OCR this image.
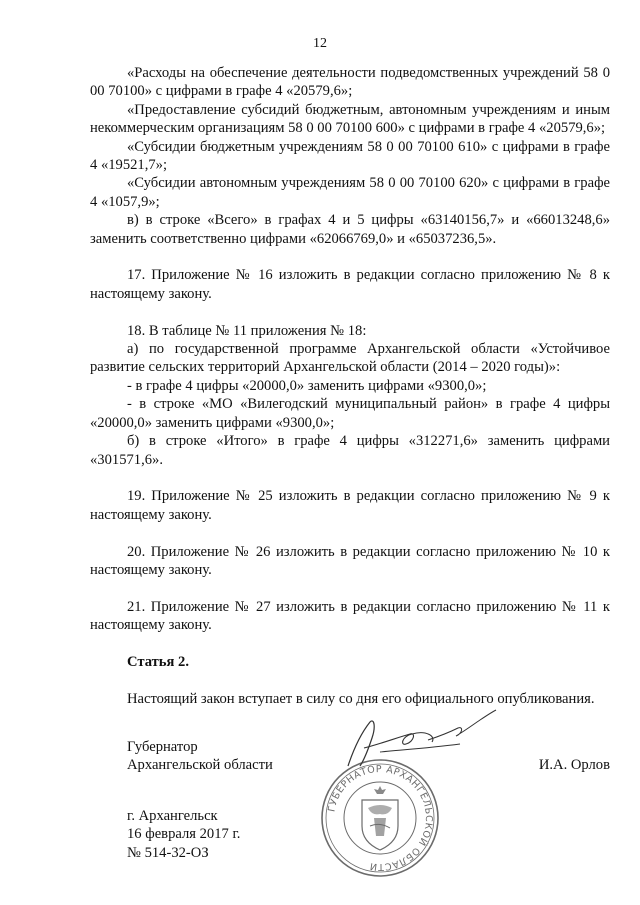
12

«Расходы на обеспечение деятельности подведомственных учреждений 58 0 00 70100» с цифрами в графе 4 «20579,6»;

«Предоставление субсидий бюджетным, автономным учреждениям и иным некоммерческим организациям 58 0 00 70100 600» с цифрами в графе 4 «20579,6»;

«Субсидии бюджетным учреждениям 58 0 00 70100 610» с цифрами в графе 4 «19521,7»;

«Субсидии автономным учреждениям 58 0 00 70100 620» с цифрами в графе 4 «1057,9»;

в) в строке «Всего» в графах 4 и 5 цифры «63140156,7» и «66013248,6» заменить соответственно цифрами «62066769,0» и «65037236,5».

17. Приложение № 16 изложить в редакции согласно приложению № 8 к настоящему закону.

18. В таблице № 11 приложения № 18:

а) по государственной программе Архангельской области «Устойчивое развитие сельских территорий Архангельской области (2014 – 2020 годы)»:

- в графе 4 цифры «20000,0» заменить цифрами «9300,0»;

- в строке «МО «Вилегодский муниципальный район» в графе 4 цифры «20000,0» заменить цифрами «9300,0»;

б) в строке «Итого» в графе 4 цифры «312271,6» заменить цифрами «301571,6».

19. Приложение № 25 изложить в редакции согласно приложению № 9 к настоящему закону.

20. Приложение № 26 изложить в редакции согласно приложению № 10 к настоящему закону.

21. Приложение № 27 изложить в редакции согласно приложению № 11 к настоящему закону.

Статья 2.

Настоящий закон вступает в силу со дня его официального опубликования.

Губернатор
Архангельской области	И.А. Орлов
ГУБЕРНАТОР АРХАНГЕЛЬСКОЙ ОБЛАСТИ
г. Архангельск
16 февраля 2017 г.
№ 514-32-ОЗ
